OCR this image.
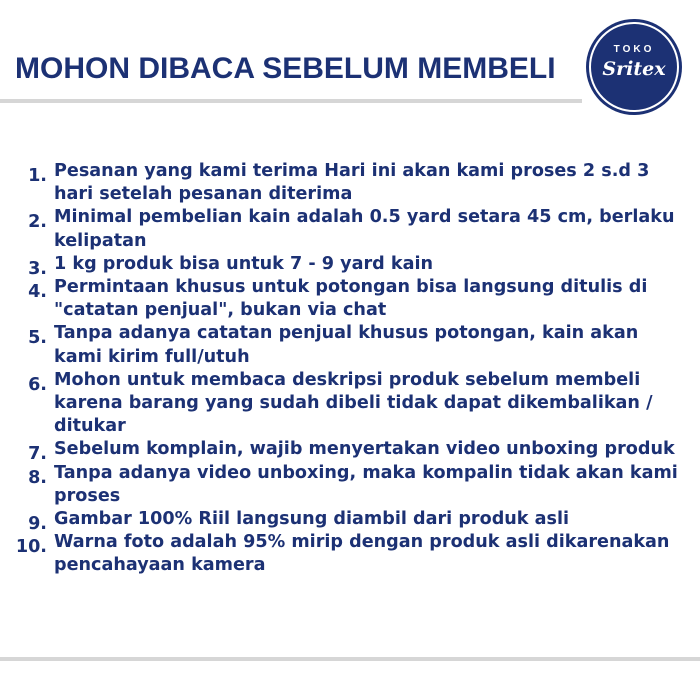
MOHON DIBACA SEBELUM MEMBELI
TOKO
Sritex
1. Pesanan yang kami terima Hari ini akan kami proses 2 s.d 3 hari setelah pesanan diterima
2. Minimal pembelian kain adalah 0.5 yard setara 45 cm, berlaku kelipatan
3. 1 kg produk bisa untuk 7 - 9 yard kain
4. Permintaan khusus untuk potongan bisa langsung ditulis di "catatan penjual", bukan via chat
5. Tanpa adanya catatan penjual khusus potongan, kain akan kami kirim full/utuh
6. Mohon untuk membaca deskripsi produk sebelum membeli karena barang yang sudah dibeli tidak dapat dikembalikan / ditukar
7. Sebelum komplain, wajib menyertakan video unboxing produk
8. Tanpa adanya video unboxing, maka kompalin tidak akan kami proses
9. Gambar 100% Riil langsung diambil dari produk asli
10. Warna foto adalah 95% mirip dengan produk asli dikarenakan pencahayaan kamera
